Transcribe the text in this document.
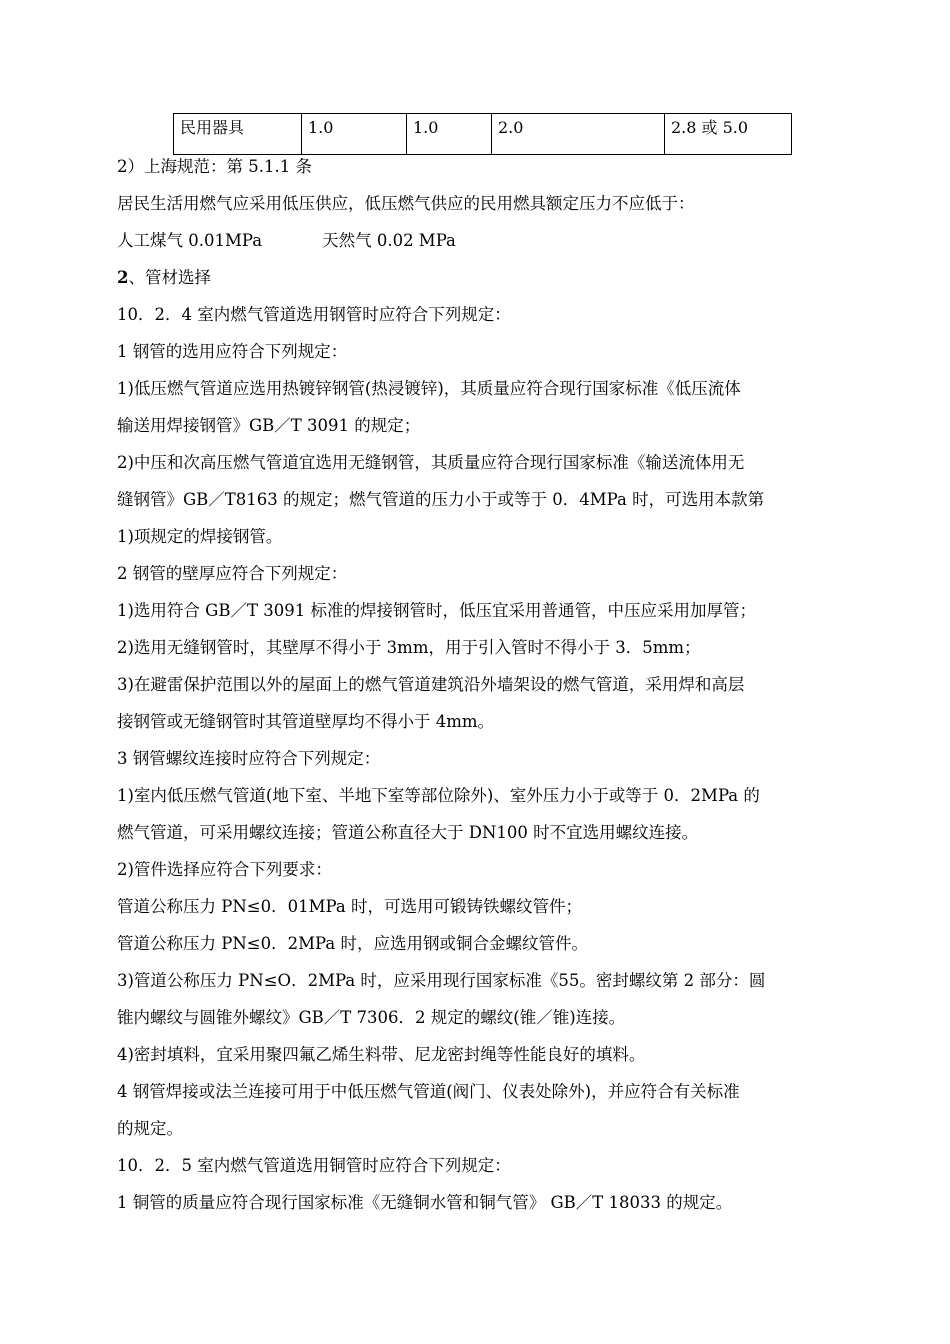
民用器具	1.0	1.0	2.0	2.8 或 5.0

2）上海规范：第 5.1.1 条

居民生活用燃气应采用低压供应，低压燃气供应的民用燃具额定压力不应低于：

人工煤气 0.01MPa	天然气 0.02 MPa

2、管材选择

10．2．4 室内燃气管道选用钢管时应符合下列规定：

1 钢管的选用应符合下列规定：

1)低压燃气管道应选用热镀锌钢管(热浸镀锌)，其质量应符合现行国家标准《低压流体

输送用焊接钢管》GB／T 3091 的规定；

2)中压和次高压燃气管道宜选用无缝钢管，其质量应符合现行国家标准《输送流体用无

缝钢管》GB／T8163 的规定；燃气管道的压力小于或等于 0．4MPa 时，可选用本款第

1)项规定的焊接钢管。

2 钢管的壁厚应符合下列规定：

1)选用符合 GB／T 3091 标准的焊接钢管时，低压宜采用普通管，中压应采用加厚管；

2)选用无缝钢管时，其壁厚不得小于 3mm，用于引入管时不得小于 3．5mm；

3)在避雷保护范围以外的屋面上的燃气管道建筑沿外墙架设的燃气管道，采用焊和高层

接钢管或无缝钢管时其管道壁厚均不得小于 4mm。

3 钢管螺纹连接时应符合下列规定：

1)室内低压燃气管道(地下室、半地下室等部位除外)、室外压力小于或等于 0．2MPa 的

燃气管道，可采用螺纹连接；管道公称直径大于 DN100 时不宜选用螺纹连接。

2)管件选择应符合下列要求：

管道公称压力 PN≤0．01MPa 时，可选用可锻铸铁螺纹管件；

管道公称压力 PN≤0．2MPa 时，应选用钢或铜合金螺纹管件。

3)管道公称压力 PN≤O．2MPa 时，应采用现行国家标准《55。密封螺纹第 2 部分：圆

锥内螺纹与圆锥外螺纹》GB／T 7306．2 规定的螺纹(锥／锥)连接。

4)密封填料，宜采用聚四氟乙烯生料带、尼龙密封绳等性能良好的填料。

4 钢管焊接或法兰连接可用于中低压燃气管道(阀门、仪表处除外)，并应符合有关标准

的规定。

10．2．5 室内燃气管道选用铜管时应符合下列规定：

1 铜管的质量应符合现行国家标准《无缝铜水管和铜气管》 GB／T 18033 的规定。
